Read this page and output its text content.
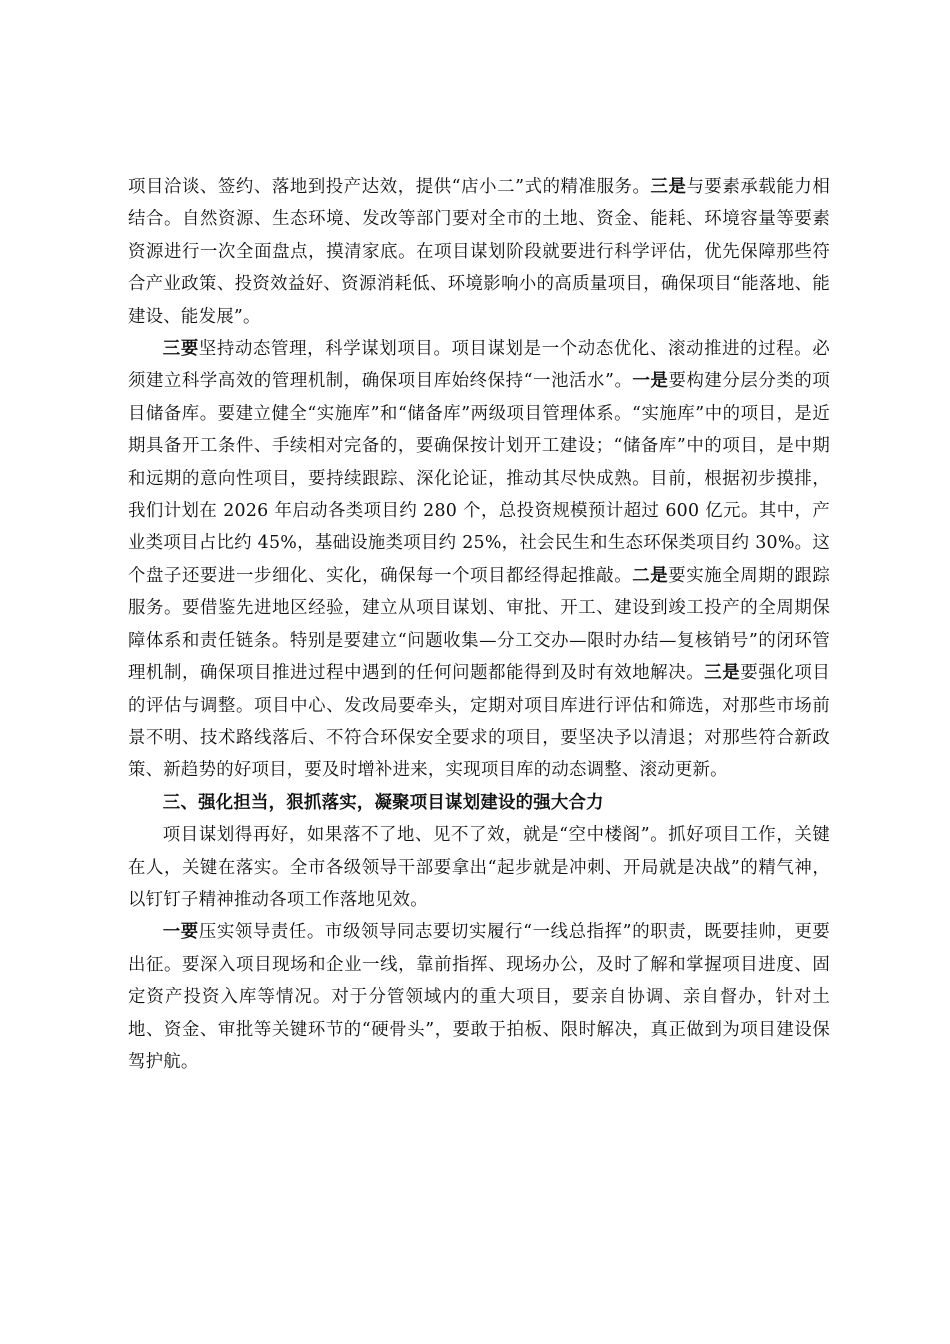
项目洽谈、签约、落地到投产达效，提供“店小二”式的精准服务。三是与要素承载能力相结合。自然资源、生态环境、发改等部门要对全市的土地、资金、能耗、环境容量等要素资源进行一次全面盘点，摸清家底。在项目谋划阶段就要进行科学评估，优先保障那些符合产业政策、投资效益好、资源消耗低、环境影响小的高质量项目，确保项目“能落地、能建设、能发展”。

三要坚持动态管理，科学谋划项目。项目谋划是一个动态优化、滚动推进的过程。必须建立科学高效的管理机制，确保项目库始终保持“一池活水”。一是要构建分层分类的项目储备库。要建立健全“实施库”和“储备库”两级项目管理体系。“实施库”中的项目，是近期具备开工条件、手续相对完备的，要确保按计划开工建设；“储备库”中的项目，是中期和远期的意向性项目，要持续跟踪、深化论证，推动其尽快成熟。目前，根据初步摸排，我们计划在 2026 年启动各类项目约 280 个，总投资规模预计超过 600 亿元。其中，产业类项目占比约 45%，基础设施类项目约 25%，社会民生和生态环保类项目约 30%。这个盘子还要进一步细化、实化，确保每一个项目都经得起推敲。二是要实施全周期的跟踪服务。要借鉴先进地区经验，建立从项目谋划、审批、开工、建设到竣工投产的全周期保障体系和责任链条。特别是要建立“问题收集—分工交办—限时办结—复核销号”的闭环管理机制，确保项目推进过程中遇到的任何问题都能得到及时有效地解决。三是要强化项目的评估与调整。项目中心、发改局要牵头，定期对项目库进行评估和筛选，对那些市场前景不明、技术路线落后、不符合环保安全要求的项目，要坚决予以清退；对那些符合新政策、新趋势的好项目，要及时增补进来，实现项目库的动态调整、滚动更新。

三、强化担当，狠抓落实，凝聚项目谋划建设的强大合力

项目谋划得再好，如果落不了地、见不了效，就是“空中楼阁”。抓好项目工作，关键在人，关键在落实。全市各级领导干部要拿出“起步就是冲刺、开局就是决战”的精气神，以钉钉子精神推动各项工作落地见效。

一要压实领导责任。市级领导同志要切实履行“一线总指挥”的职责，既要挂帅，更要出征。要深入项目现场和企业一线，靠前指挥、现场办公，及时了解和掌握项目进度、固定资产投资入库等情况。对于分管领域内的重大项目，要亲自协调、亲自督办，针对土地、资金、审批等关键环节的“硬骨头”，要敢于拍板、限时解决，真正做到为项目建设保驾护航。
